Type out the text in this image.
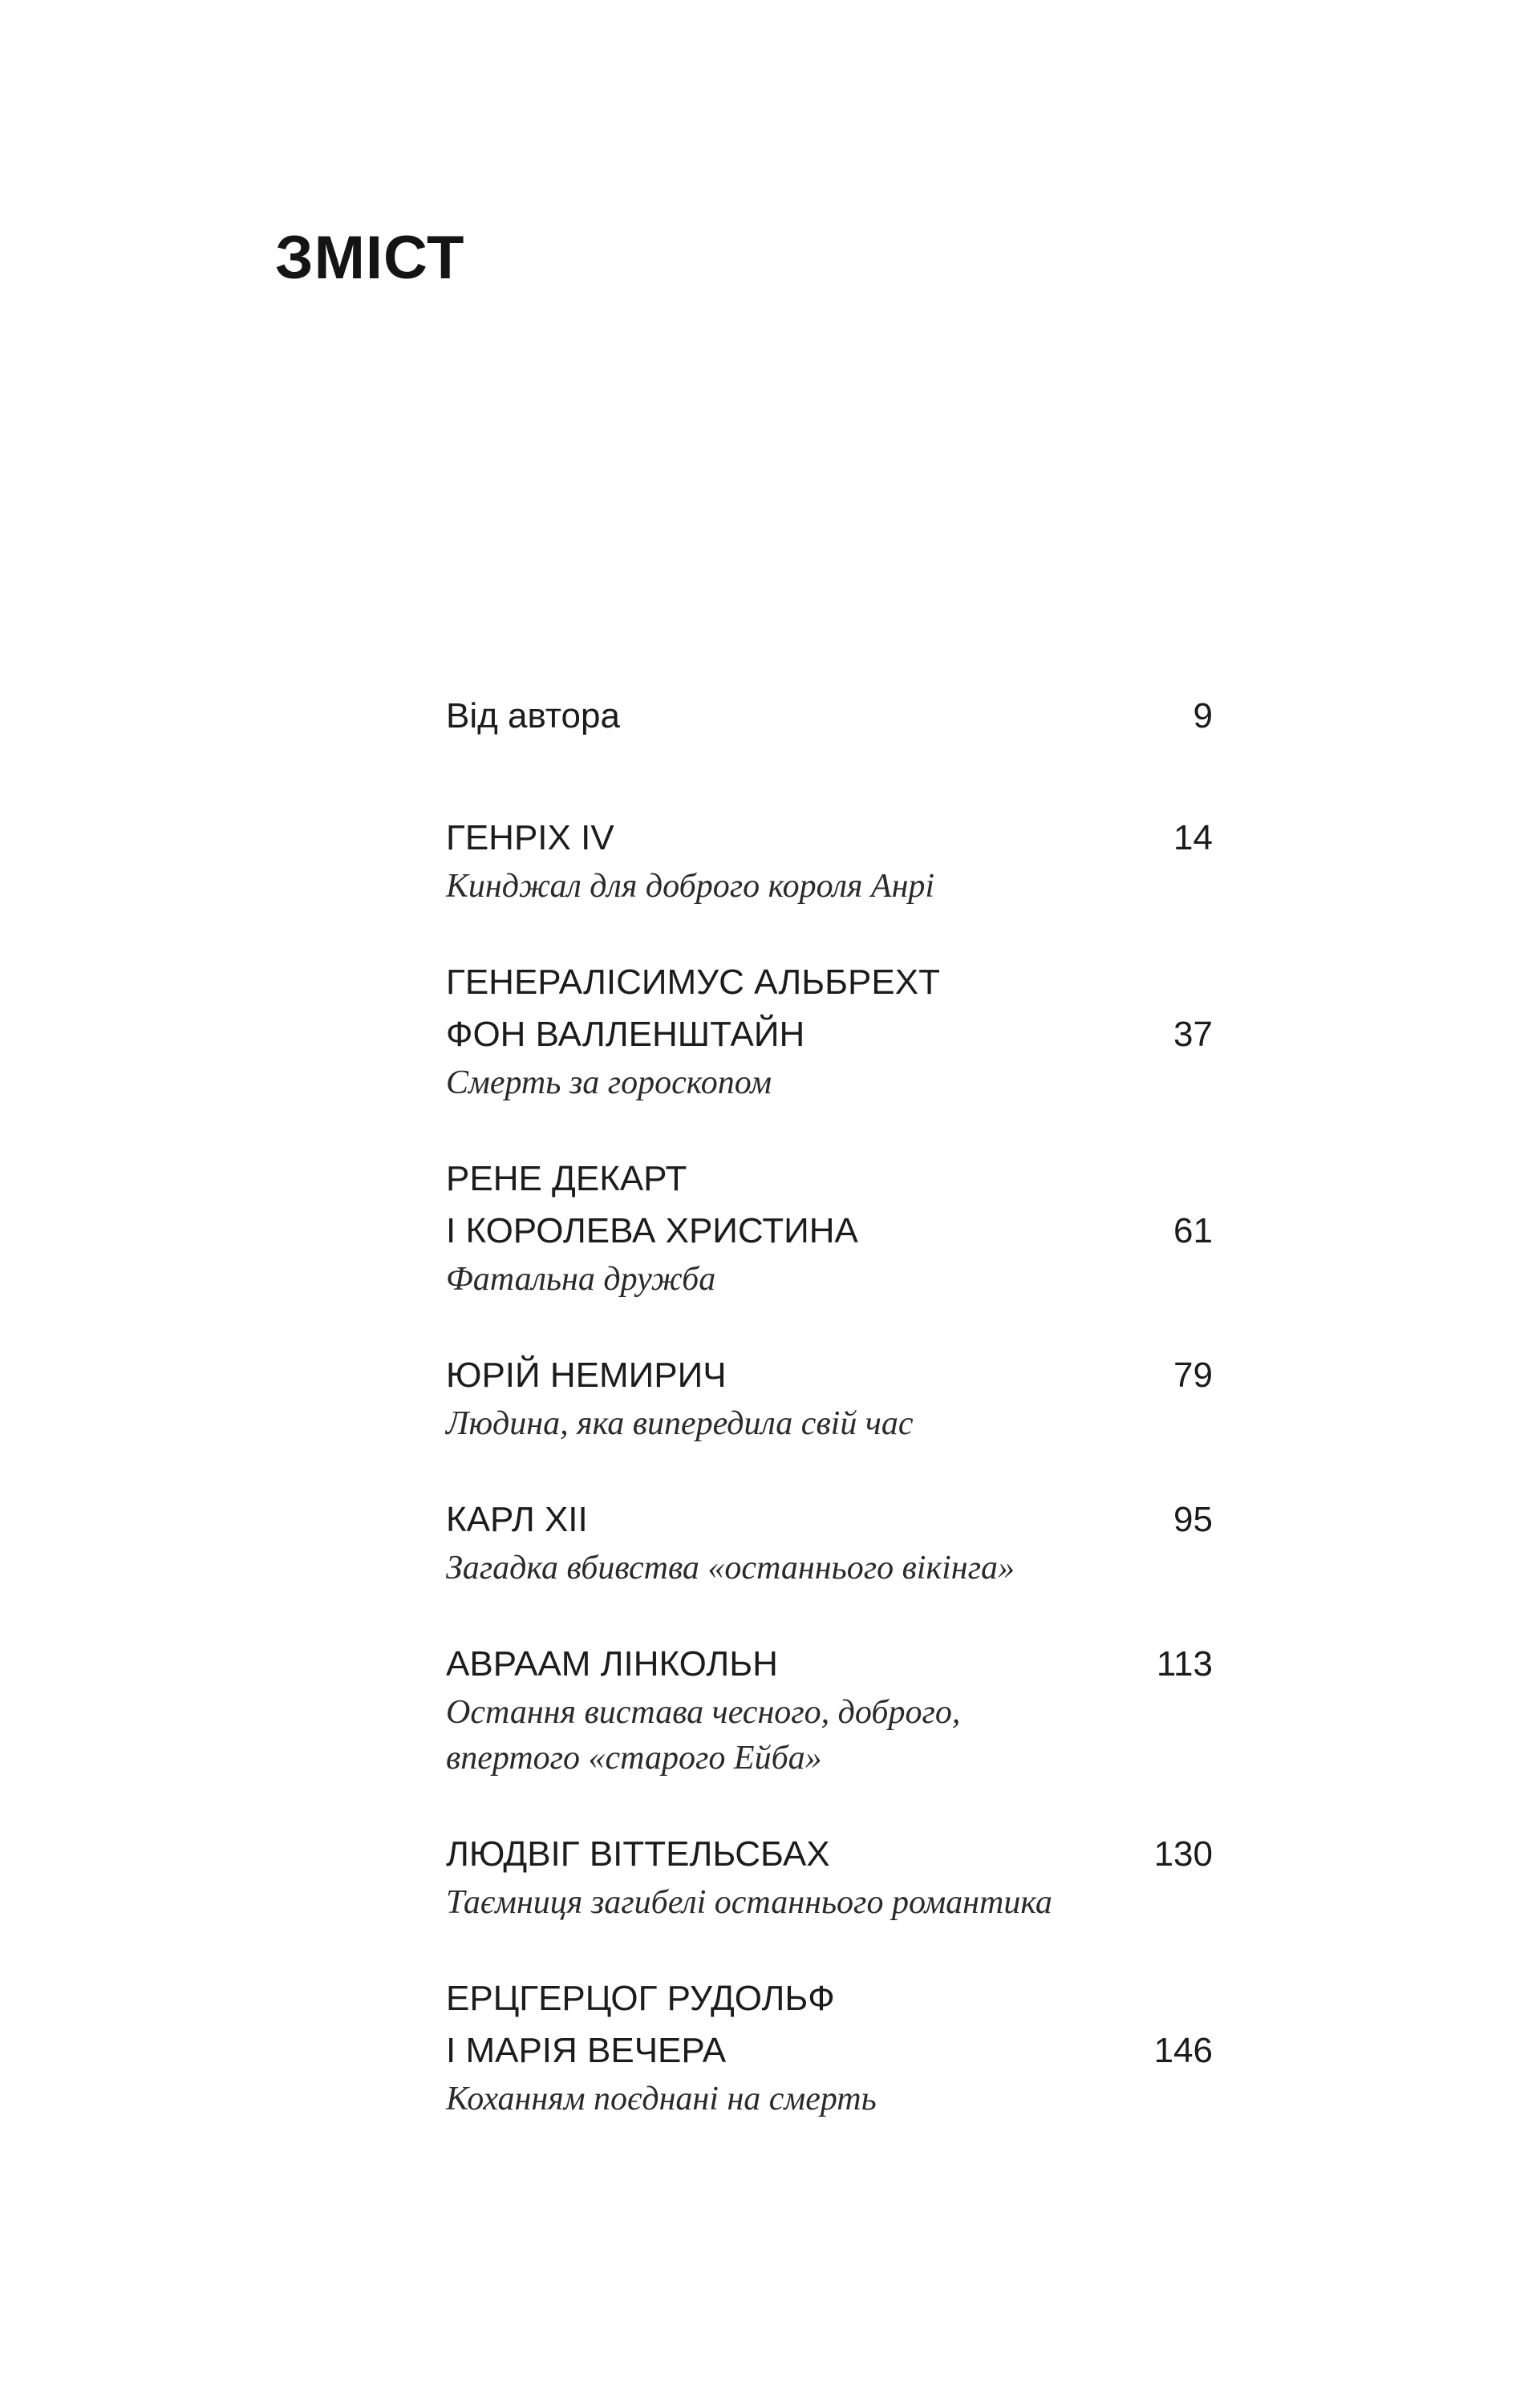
ЗМІСТ
Від автора	9
ГЕНРІХ IV	14
Кинджал для доброго короля Анрі
ГЕНЕРАЛІСИМУС АЛЬБРЕХТ
ФОН ВАЛЛЕНШТАЙН	37
Смерть за гороскопом
РЕНЕ ДЕКАРТ
І КОРОЛЕВА ХРИСТИНА	61
Фатальна дружба
ЮРІЙ НЕМИРИЧ	79
Людина, яка випередила свій час
КАРЛ XII	95
Загадка вбивства «останнього вікінга»
АВРААМ ЛІНКОЛЬН	113
Остання вистава чесного, доброго,
впертого «старого Ейба»
ЛЮДВІГ ВІТТЕЛЬСБАХ	130
Таємниця загибелі останнього романтика
ЕРЦГЕРЦОГ РУДОЛЬФ
І МАРІЯ ВЕЧЕРА	146
Коханням поєднані на смерть
